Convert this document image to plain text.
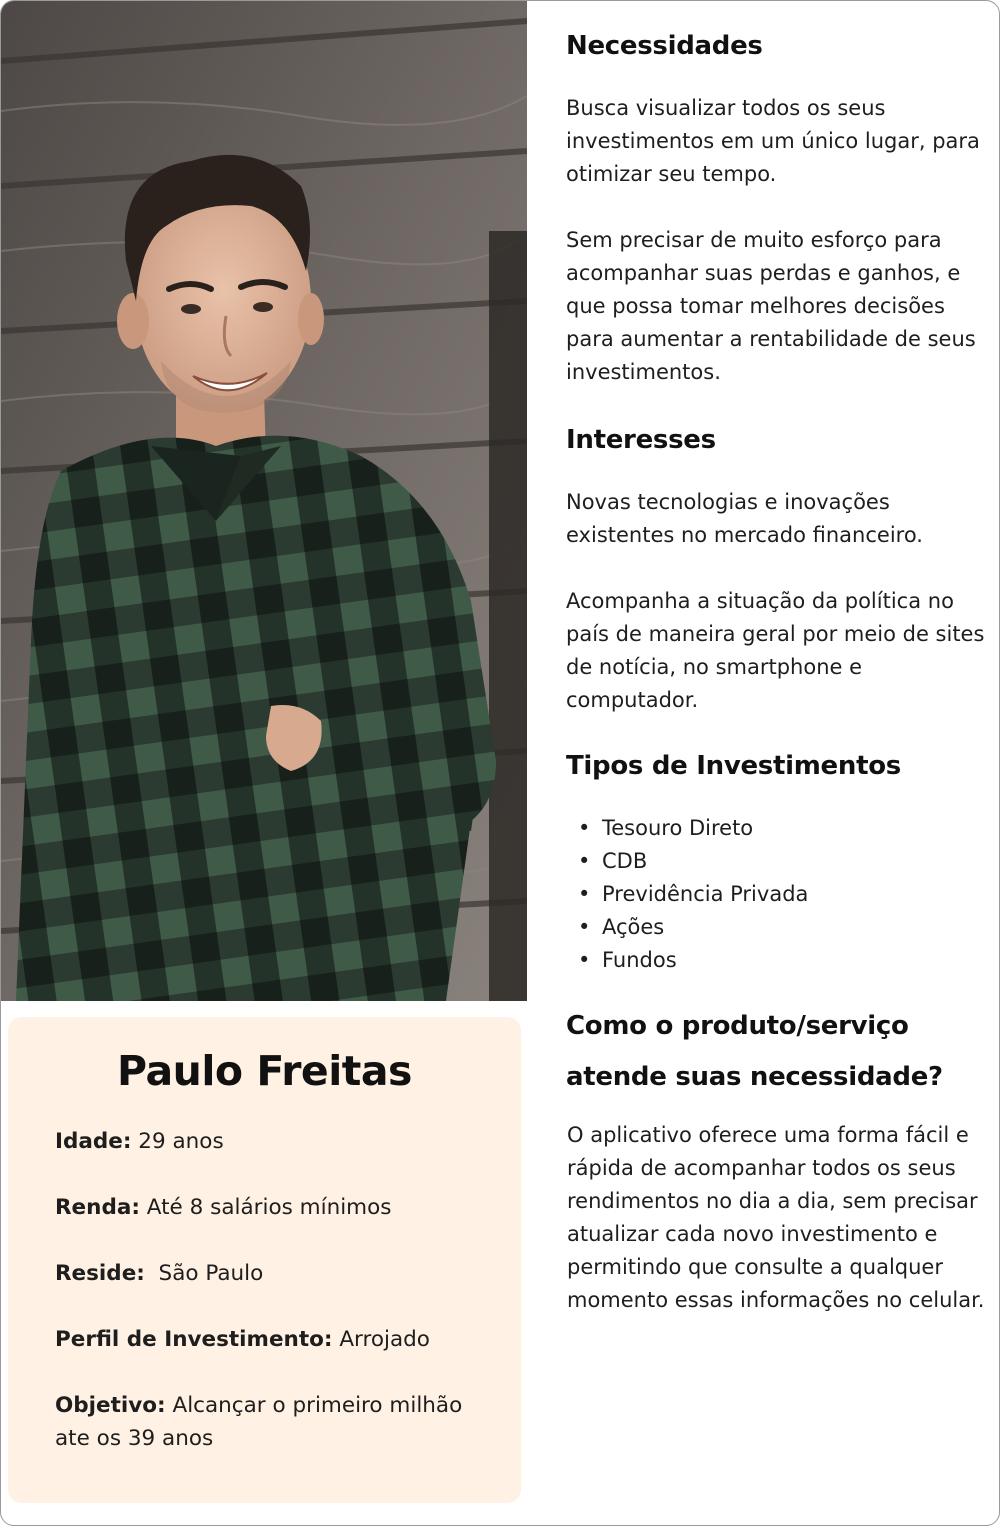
Paulo Freitas

Idade: 29 anos

Renda: Até 8 salários mínimos

Reside:  São Paulo

Perfil de Investimento: Arrojado

Objetivo: Alcançar o primeiro milhão ate os 39 anos

Necessidades

Busca visualizar todos os seus investimentos em um único lugar, para otimizar seu tempo.

Sem precisar de muito esforço para acompanhar suas perdas e ganhos, e que possa tomar melhores decisões para aumentar a rentabilidade de seus investimentos.

Interesses

Novas tecnologias e inovações existentes no mercado financeiro.

Acompanha a situação da política no país de maneira geral por meio de sites de notícia, no smartphone e computador.

Tipos de Investimentos
• Tesouro Direto
• CDB
• Previdência Privada
• Ações
• Fundos
Como o produto/serviço atende suas necessidade?

O aplicativo oferece uma forma fácil e rápida de acompanhar todos os seus rendimentos no dia a dia, sem precisar atualizar cada novo investimento e permitindo que consulte a qualquer momento essas informações no celular.
